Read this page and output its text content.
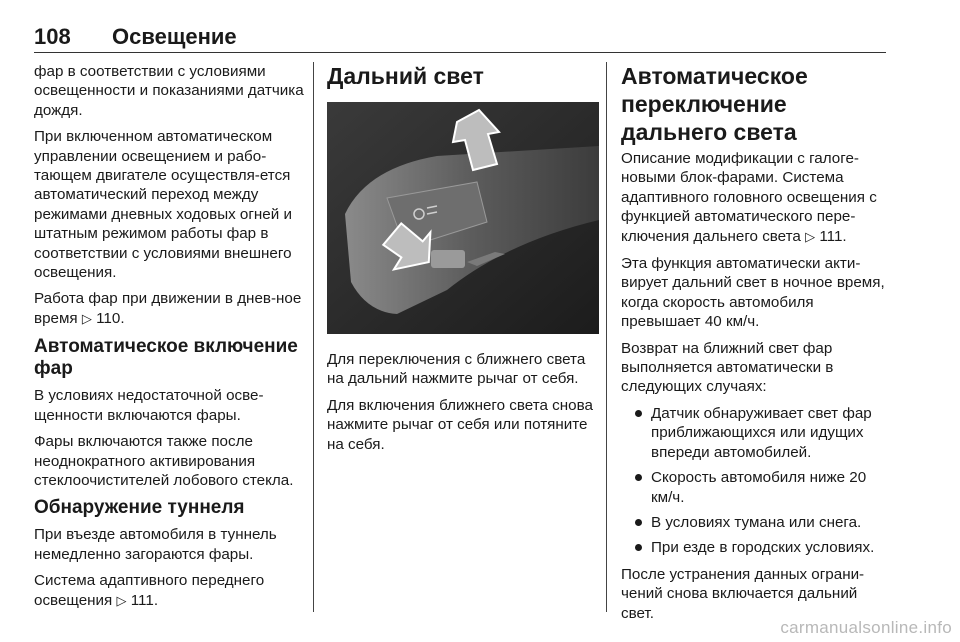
108 Освещение

фар в соответствии с условиями освещенности и показаниями датчика дождя.

При включенном автоматическом управлении освещением и рабо-тающем двигателе осуществля-ется автоматический переход между режимами дневных ходовых огней и штатным режимом работы фар в соответствии с условиями внешнего освещения.

Работа фар при движении в днев-ное время ▷ 110.

Автоматическое включение фар

В условиях недостаточной осве-щенности включаются фары.

Фары включаются также после неоднократного активирования стеклоочистителей лобового стекла.

Обнаружение туннеля

При въезде автомобиля в туннель немедленно загораются фары.

Система адаптивного переднего освещения ▷ 111.

Дальний свет

Для переключения с ближнего света на дальний нажмите рычаг от себя.

Для включения ближнего света снова нажмите рычаг от себя или потяните на себя.

Автоматическое переключение дальнего света

Описание модификации с галоге-новыми блок-фарами. Система адаптивного головного освещения с функцией автоматического пере-ключения дальнего света ▷ 111.

Эта функция автоматически акти-вирует дальний свет в ночное время, когда скорость автомобиля превышает 40 км/ч.

Возврат на ближний свет фар выполняется автоматически в следующих случаях:

Датчик обнаруживает свет фар приближающихся или идущих впереди автомобилей.
Скорость автомобиля ниже 20 км/ч.
В условиях тумана или снега.
При езде в городских условиях.

После устранения данных ограни-чений снова включается дальний свет.

carmanualsonline.info
